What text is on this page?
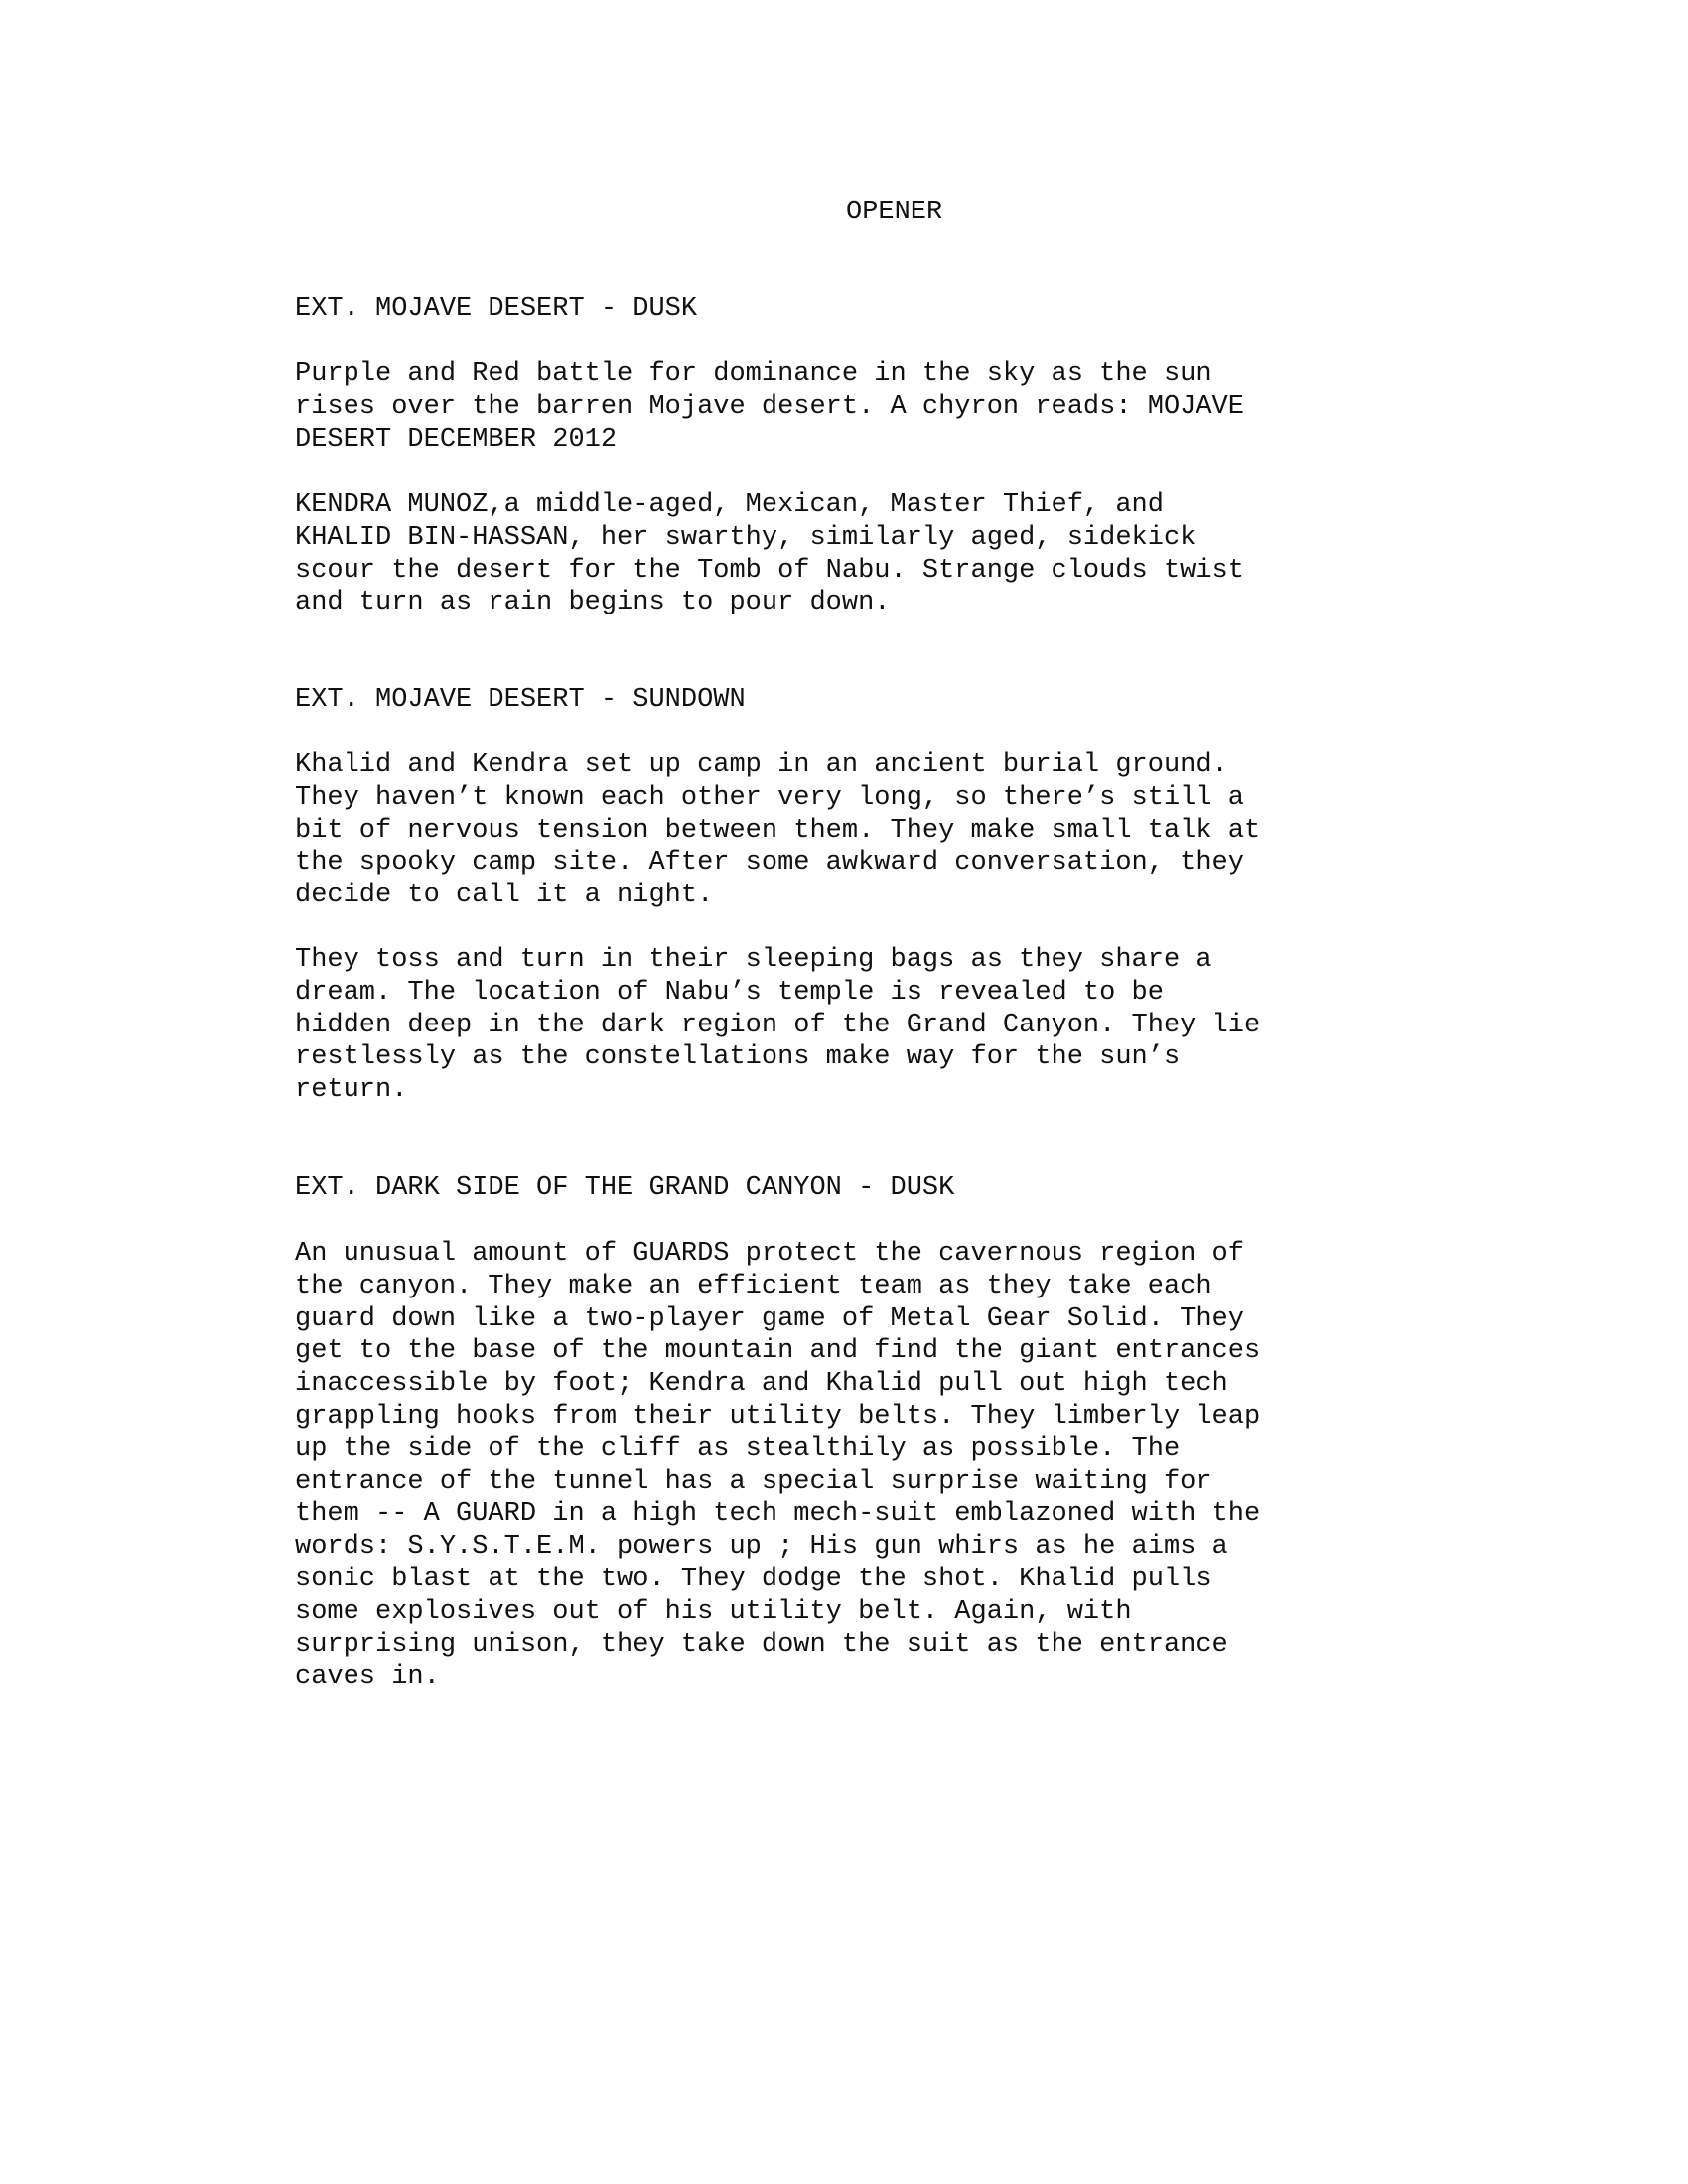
OPENER
EXT. MOJAVE DESERT - DUSK
Purple and Red battle for dominance in the sky as the sun
rises over the barren Mojave desert. A chyron reads: MOJAVE
DESERT DECEMBER 2012
KENDRA MUNOZ,a middle-aged, Mexican, Master Thief, and
KHALID BIN-HASSAN, her swarthy, similarly aged, sidekick
scour the desert for the Tomb of Nabu. Strange clouds twist
and turn as rain begins to pour down.
EXT. MOJAVE DESERT - SUNDOWN
Khalid and Kendra set up camp in an ancient burial ground.
They haven’t known each other very long, so there’s still a
bit of nervous tension between them. They make small talk at
the spooky camp site. After some awkward conversation, they
decide to call it a night.
They toss and turn in their sleeping bags as they share a
dream. The location of Nabu’s temple is revealed to be
hidden deep in the dark region of the Grand Canyon. They lie
restlessly as the constellations make way for the sun’s
return.
EXT. DARK SIDE OF THE GRAND CANYON - DUSK
An unusual amount of GUARDS protect the cavernous region of
the canyon. They make an efficient team as they take each
guard down like a two-player game of Metal Gear Solid. They
get to the base of the mountain and find the giant entrances
inaccessible by foot; Kendra and Khalid pull out high tech
grappling hooks from their utility belts. They limberly leap
up the side of the cliff as stealthily as possible. The
entrance of the tunnel has a special surprise waiting for
them -- A GUARD in a high tech mech-suit emblazoned with the
words: S.Y.S.T.E.M. powers up ; His gun whirs as he aims a
sonic blast at the two. They dodge the shot. Khalid pulls
some explosives out of his utility belt. Again, with
surprising unison, they take down the suit as the entrance
caves in.
